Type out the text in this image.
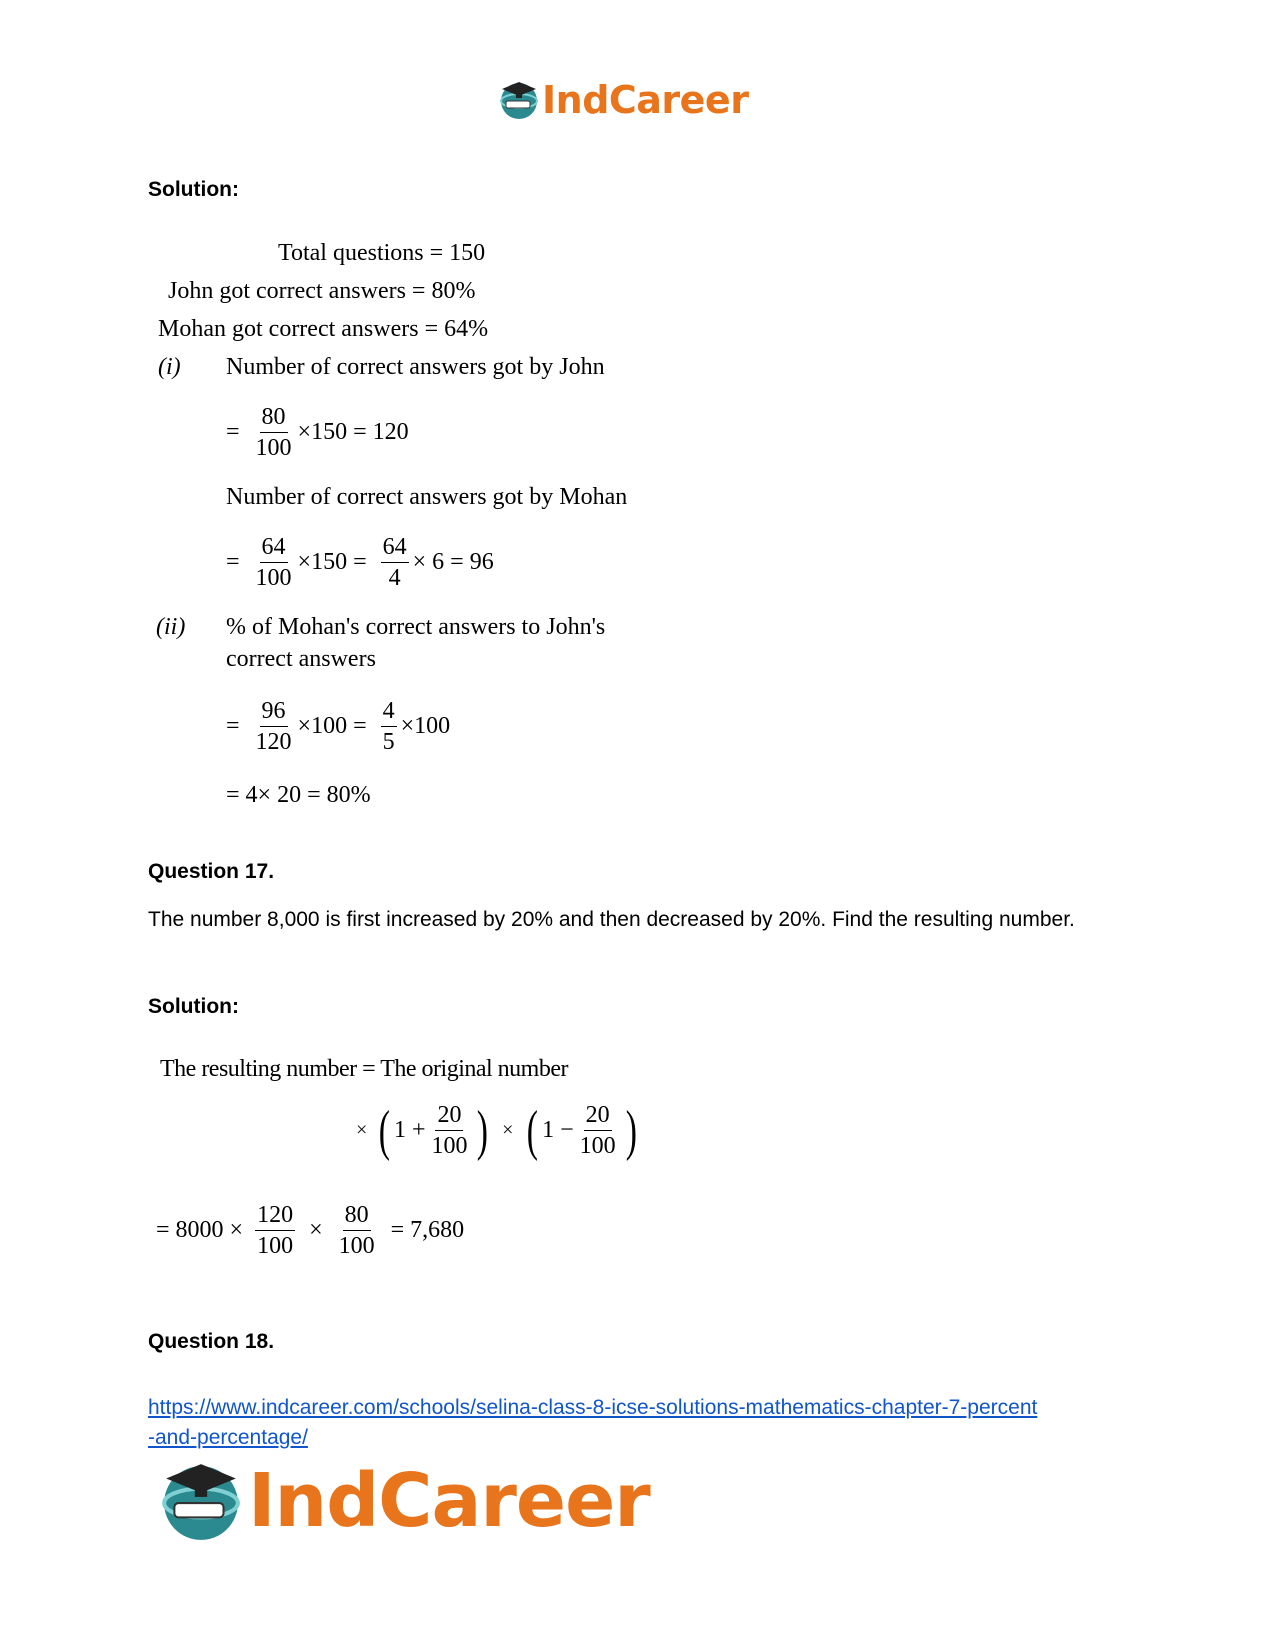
IndCareer
Solution:
Total questions = 150
John got correct answers = 80%
Mohan got correct answers = 64%
(i) Number of correct answers got by John
= $\frac{80}{100} \times 150 = 120$
Number of correct answers got by Mohan
= $\frac{64}{100} \times 150 = \frac{64}{4} \times 6 = 96$
(ii) % of Mohan's correct answers to John's
correct answers
= $\frac{96}{120} \times 100 = \frac{4}{5} \times 100$
= 4× 20 = 80%
Question 17.
The number 8,000 is first increased by 20% and then decreased by 20%. Find the resulting number.
Solution:
The resulting number = The original number
× ( $1 + \frac{20}{100}$ ) × ( $1 - \frac{20}{100}$ )
= $8000 \times \frac{120}{100} \times \frac{80}{100} = 7,680$
Question 18.
https://www.indcareer.com/schools/selina-class-8-icse-solutions-mathematics-chapter-7-percent
-and-percentage/
IndCareer
